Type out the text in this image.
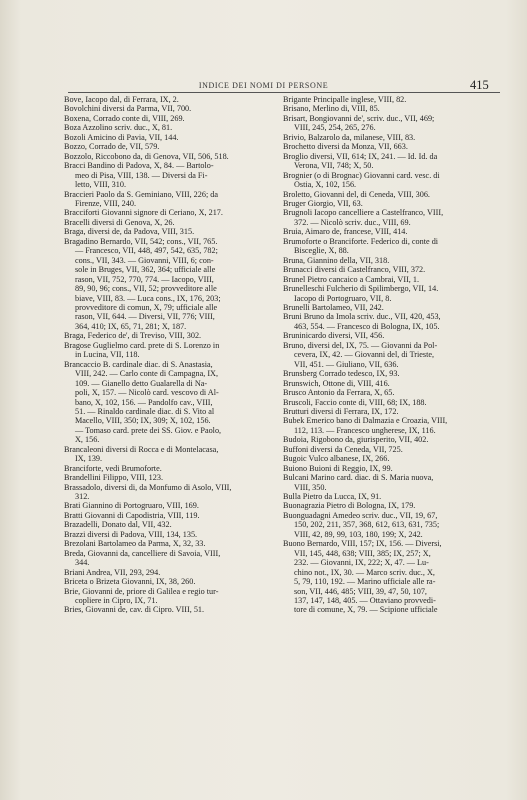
INDICE DEI NOMI DI PERSONE	415

Bove, Iacopo dal, di Ferrara, IX, 2.

Bovolchini diversi da Parma, VII, 700.

Boxena, Corrado conte di, VIII, 269.

Boza Azzolino scriv. duc., X, 81.

Bozoli Amicino di Pavia, VII, 144.

Bozzo, Corrado de, VII, 579.

Bozzolo, Riccobono da, di Genova, VII, 506, 518.

Bracci Bandino di Padova, X, 84. — Bartolo-
meo di Pisa, VIII, 138. — Diversi da Fi-
letto, VIII, 310.

Braccieri Paolo da S. Geminiano, VIII, 226; da
Firenze, VIII, 240.

Bracciforti Giovanni signore di Ceriano, X, 217.

Bracelli diversi di Genova, X, 26.

Braga, diversi de, da Padova, VIII, 315.

Bragadino Bernardo, VII, 542; cons., VII, 765.
— Francesco, VII, 448, 497, 542, 635, 782;
cons., VII, 343. — Giovanni, VIII, 6; con-
sole in Bruges, VII, 362, 364; ufficiale alle
rason, VII, 752, 770, 774. — Iacopo, VIII,
89, 90, 96; cons., VII, 52; provveditore alle
biave, VIII, 83. — Luca cons., IX, 176, 203;
provveditore di comun, X, 79; ufficiale alle
rason, VII, 644. — Diversi, VII, 776; VIII,
364, 410; IX, 65, 71, 281; X, 187.

Braga, Federico de', di Treviso, VIII, 302.

Bragose Guglielmo card. prete di S. Lorenzo in
in Lucina, VII, 118.

Brancaccio B. cardinale diac. di S. Anastasia,
VIII, 242. — Carlo conte di Campagna, IX,
109. — Gianello detto Gualarella di Na-
poli, X, 157. — Nicolò card. vescovo di Al-
bano, X, 102, 156. — Pandolfo cav., VIII,
51. — Rinaldo cardinale diac. di S. Vito al
Macello, VIII, 350; IX, 309; X, 102, 156.
— Tomaso card. prete dei SS. Giov. e Paolo,
X, 156.

Brancaleoni diversi di Rocca e di Montelacasa,
IX, 139.

Branciforte, vedi Brumoforte.

Brandellini Filippo, VIII, 123.

Brassadolo, diversi di, da Monfumo di Asolo, VIII,
312.

Brati Giannino di Portogruaro, VIII, 169.

Bratti Giovanni di Capodistria, VIII, 119.

Brazadelli, Donato dal, VII, 432.

Brazzi diversi di Padova, VIII, 134, 135.

Brezolani Bartolameo da Parma, X, 32, 33.

Breda, Giovanni da, cancelliere di Savoia, VIII,
344.

Briani Andrea, VII, 293, 294.

Briceta o Brizeta Giovanni, IX, 38, 260.

Brie, Giovanni de, priore di Galilea e regio tur-
copliere in Cipro, IX, 71.

Bries, Giovanni de, cav. di Cipro. VIII, 51.

Brigante Principalle inglese, VIII, 82.

Brisano, Merlino di, VIII, 85.

Brisart, Bongiovanni de', scriv. duc., VII, 469;
VIII, 245, 254, 265, 276.

Brivio, Balzarolo da, milanese, VIII, 83.

Brochetto diversi da Monza, VII, 663.

Broglio diversi, VII, 614; IX, 241. — Id. Id. da
Verona, VII, 748; X, 50.

Brognier (o di Brognac) Giovanni card. vesc. di
Ostia, X, 102, 156.

Broletto, Giovanni del, di Ceneda, VIII, 306.

Bruger Giorgio, VII, 63.

Brugnoli Iacopo cancelliere a Castelfranco, VIII,
372. — Nicolò scriv. duc., VIII, 69.

Bruia, Aimaro de, francese, VIII, 414.

Brumoforte o Branciforte. Federico di, conte di
Bisceglie, X, 88.

Bruna, Giannino della, VII, 318.

Brunacci diversi di Castelfranco, VIII, 372.

Brunel Pietro cancaico a Cambrai, VII, 1.

Brunelleschi Fulcherio di Spilimbergo, VII, 14.
Iacopo di Portogruaro, VII, 8.

Brunelli Bartolameo, VII, 242.

Bruni Bruno da Imola scriv. duc., VII, 420, 453,
463, 554. — Francesco di Bologna, IX, 105.

Bruninicardo diversi, VII, 456.

Bruno, diversi del, IX, 75. — Giovanni da Pol-
cevera, IX, 42. — Giovanni del, di Trieste,
VII, 451. — Giuliano, VII, 636.

Brunsberg Corrado tedesco, IX, 93.

Brunswich, Ottone di, VIII, 416.

Brusco Antonio da Ferrara, X, 65.

Bruscoli, Faccio conte di, VIII, 68; IX, 188.

Brutturi diversi di Ferrara, IX, 172.

Bubek Emerico bano di Dalmazia e Croazia, VIII,
112, 113. — Francesco ungherese, IX, 116.

Budoia, Rigobono da, giurisperito, VII, 402.

Buffoni diversi da Ceneda, VII, 725.

Bugoic Vulco albanese, IX, 266.

Buiono Buioni di Reggio, IX, 99.

Bulcani Marino card. diac. di S. Maria nuova,
VIII, 350.

Bulla Pietro da Lucca, IX, 91.

Buonagrazia Pietro di Bologna, IX, 179.

Buonguadagni Amedeo scriv. duc., VII, 19, 67,
150, 202, 211, 357, 368, 612, 613, 631, 735;
VIII, 42, 89, 99, 103, 180, 199; X, 242.

Buono Bernardo, VIII, 157; IX, 156. — Diversi,
VII, 145, 448, 638; VIII, 385; IX, 257; X,
232. — Giovanni, IX, 222; X, 47. — Lu-
chino not., IX, 30. — Marco scriv. duc., X,
5, 79, 110, 192. — Marino ufficiale alle ra-
son, VII, 446, 485; VIII, 39, 47, 50, 107,
137, 147, 148, 405. — Ottaviano provvedi-
tore di comune, X, 79. — Scipione ufficiale
